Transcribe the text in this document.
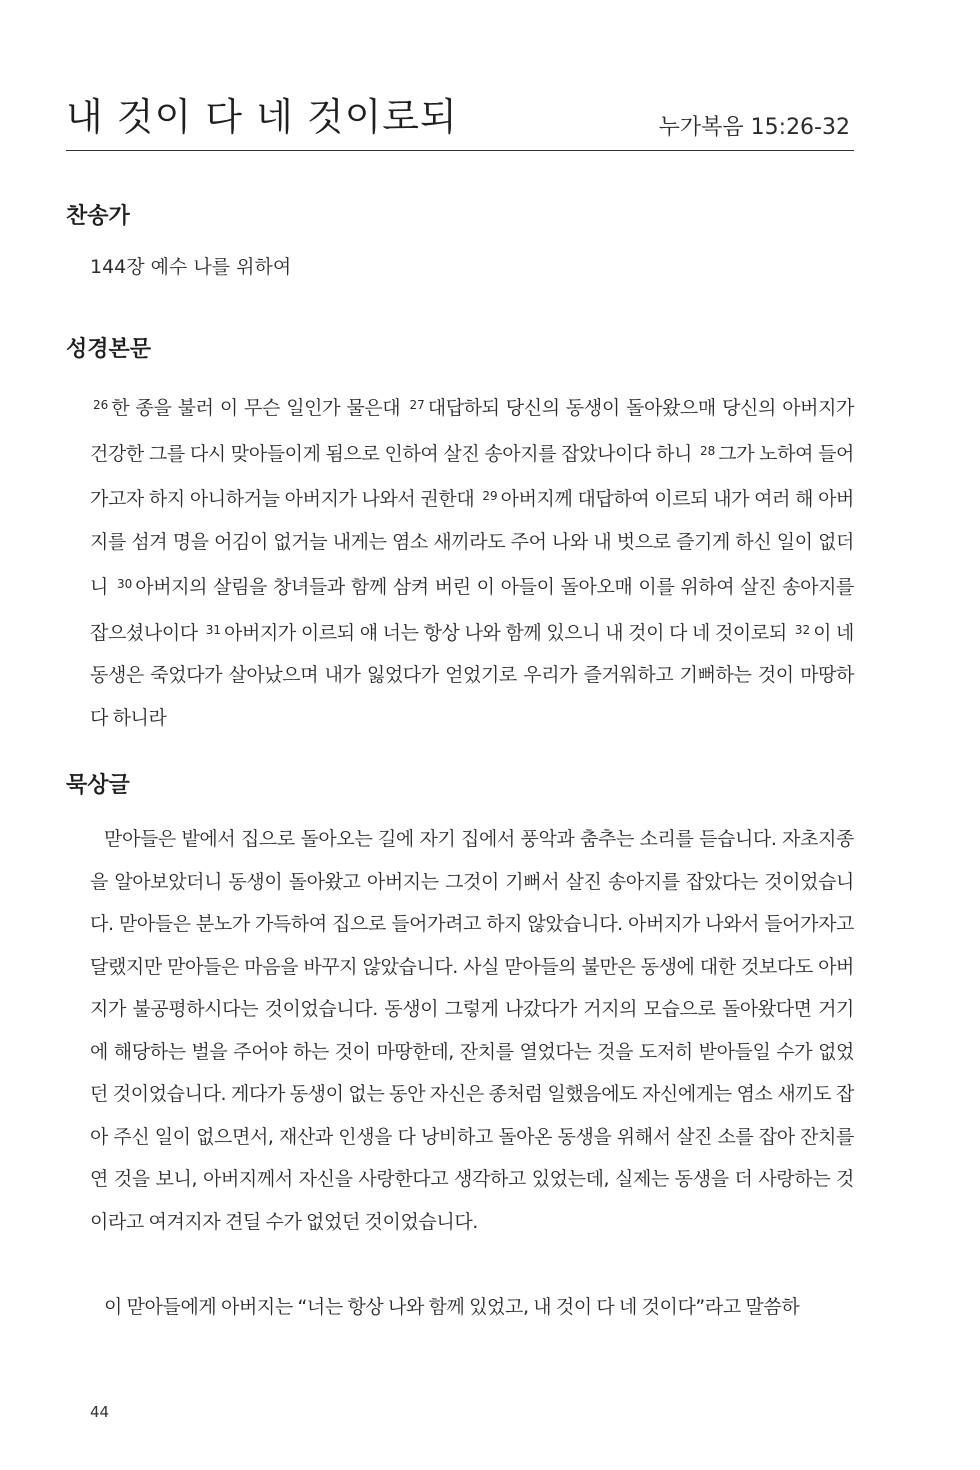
내 것이 다 네 것이로되	누가복음 15:26-32
찬송가
144장 예수 나를 위하여
성경본문
$^{26}$ 한 종을 불러 이 무슨 일인가 물은대 $^{27}$ 대답하되 당신의 동생이 돌아왔으매 당신의 아버지가 건강한 그를 다시 맞아들이게 됨으로 인하여 살진 송아지를 잡았나이다 하니 $^{28}$ 그가 노하여 들어가고자 하지 아니하거늘 아버지가 나와서 권한대 $^{29}$ 아버지께 대답하여 이르되 내가 여러 해 아버지를 섬겨 명을 어김이 없거늘 내게는 염소 새끼라도 주어 나와 내 벗으로 즐기게 하신 일이 없더니 $^{30}$ 아버지의 살림을 창녀들과 함께 삼켜 버린 이 아들이 돌아오매 이를 위하여 살진 송아지를 잡으셨나이다 $^{31}$ 아버지가 이르되 얘 너는 항상 나와 함께 있으니 내 것이 다 네 것이로되 $^{32}$ 이 네 동생은 죽었다가 살아났으며 내가 잃었다가 얻었기로 우리가 즐거워하고 기뻐하는 것이 마땅하다 하니라
묵상글

맏아들은 밭에서 집으로 돌아오는 길에 자기 집에서 풍악과 춤추는 소리를 듣습니다. 자초지종을 알아보았더니 동생이 돌아왔고 아버지는 그것이 기뻐서 살진 송아지를 잡았다는 것이었습니다. 맏아들은 분노가 가득하여 집으로 들어가려고 하지 않았습니다. 아버지가 나와서 들어가자고 달랬지만 맏아들은 마음을 바꾸지 않았습니다. 사실 맏아들의 불만은 동생에 대한 것보다도 아버지가 불공평하시다는 것이었습니다. 동생이 그렇게 나갔다가 거지의 모습으로 돌아왔다면 거기에 해당하는 벌을 주어야 하는 것이 마땅한데, 잔치를 열었다는 것을 도저히 받아들일 수가 없었던 것이었습니다. 게다가 동생이 없는 동안 자신은 종처럼 일했음에도 자신에게는 염소 새끼도 잡아 주신 일이 없으면서, 재산과 인생을 다 낭비하고 돌아온 동생을 위해서 살진 소를 잡아 잔치를 연 것을 보니, 아버지께서 자신을 사랑한다고 생각하고 있었는데, 실제는 동생을 더 사랑하는 것이라고 여겨지자 견딜 수가 없었던 것이었습니다.

이 맏아들에게 아버지는 “너는 항상 나와 함께 있었고, 내 것이 다 네 것이다”라고 말씀하

44
